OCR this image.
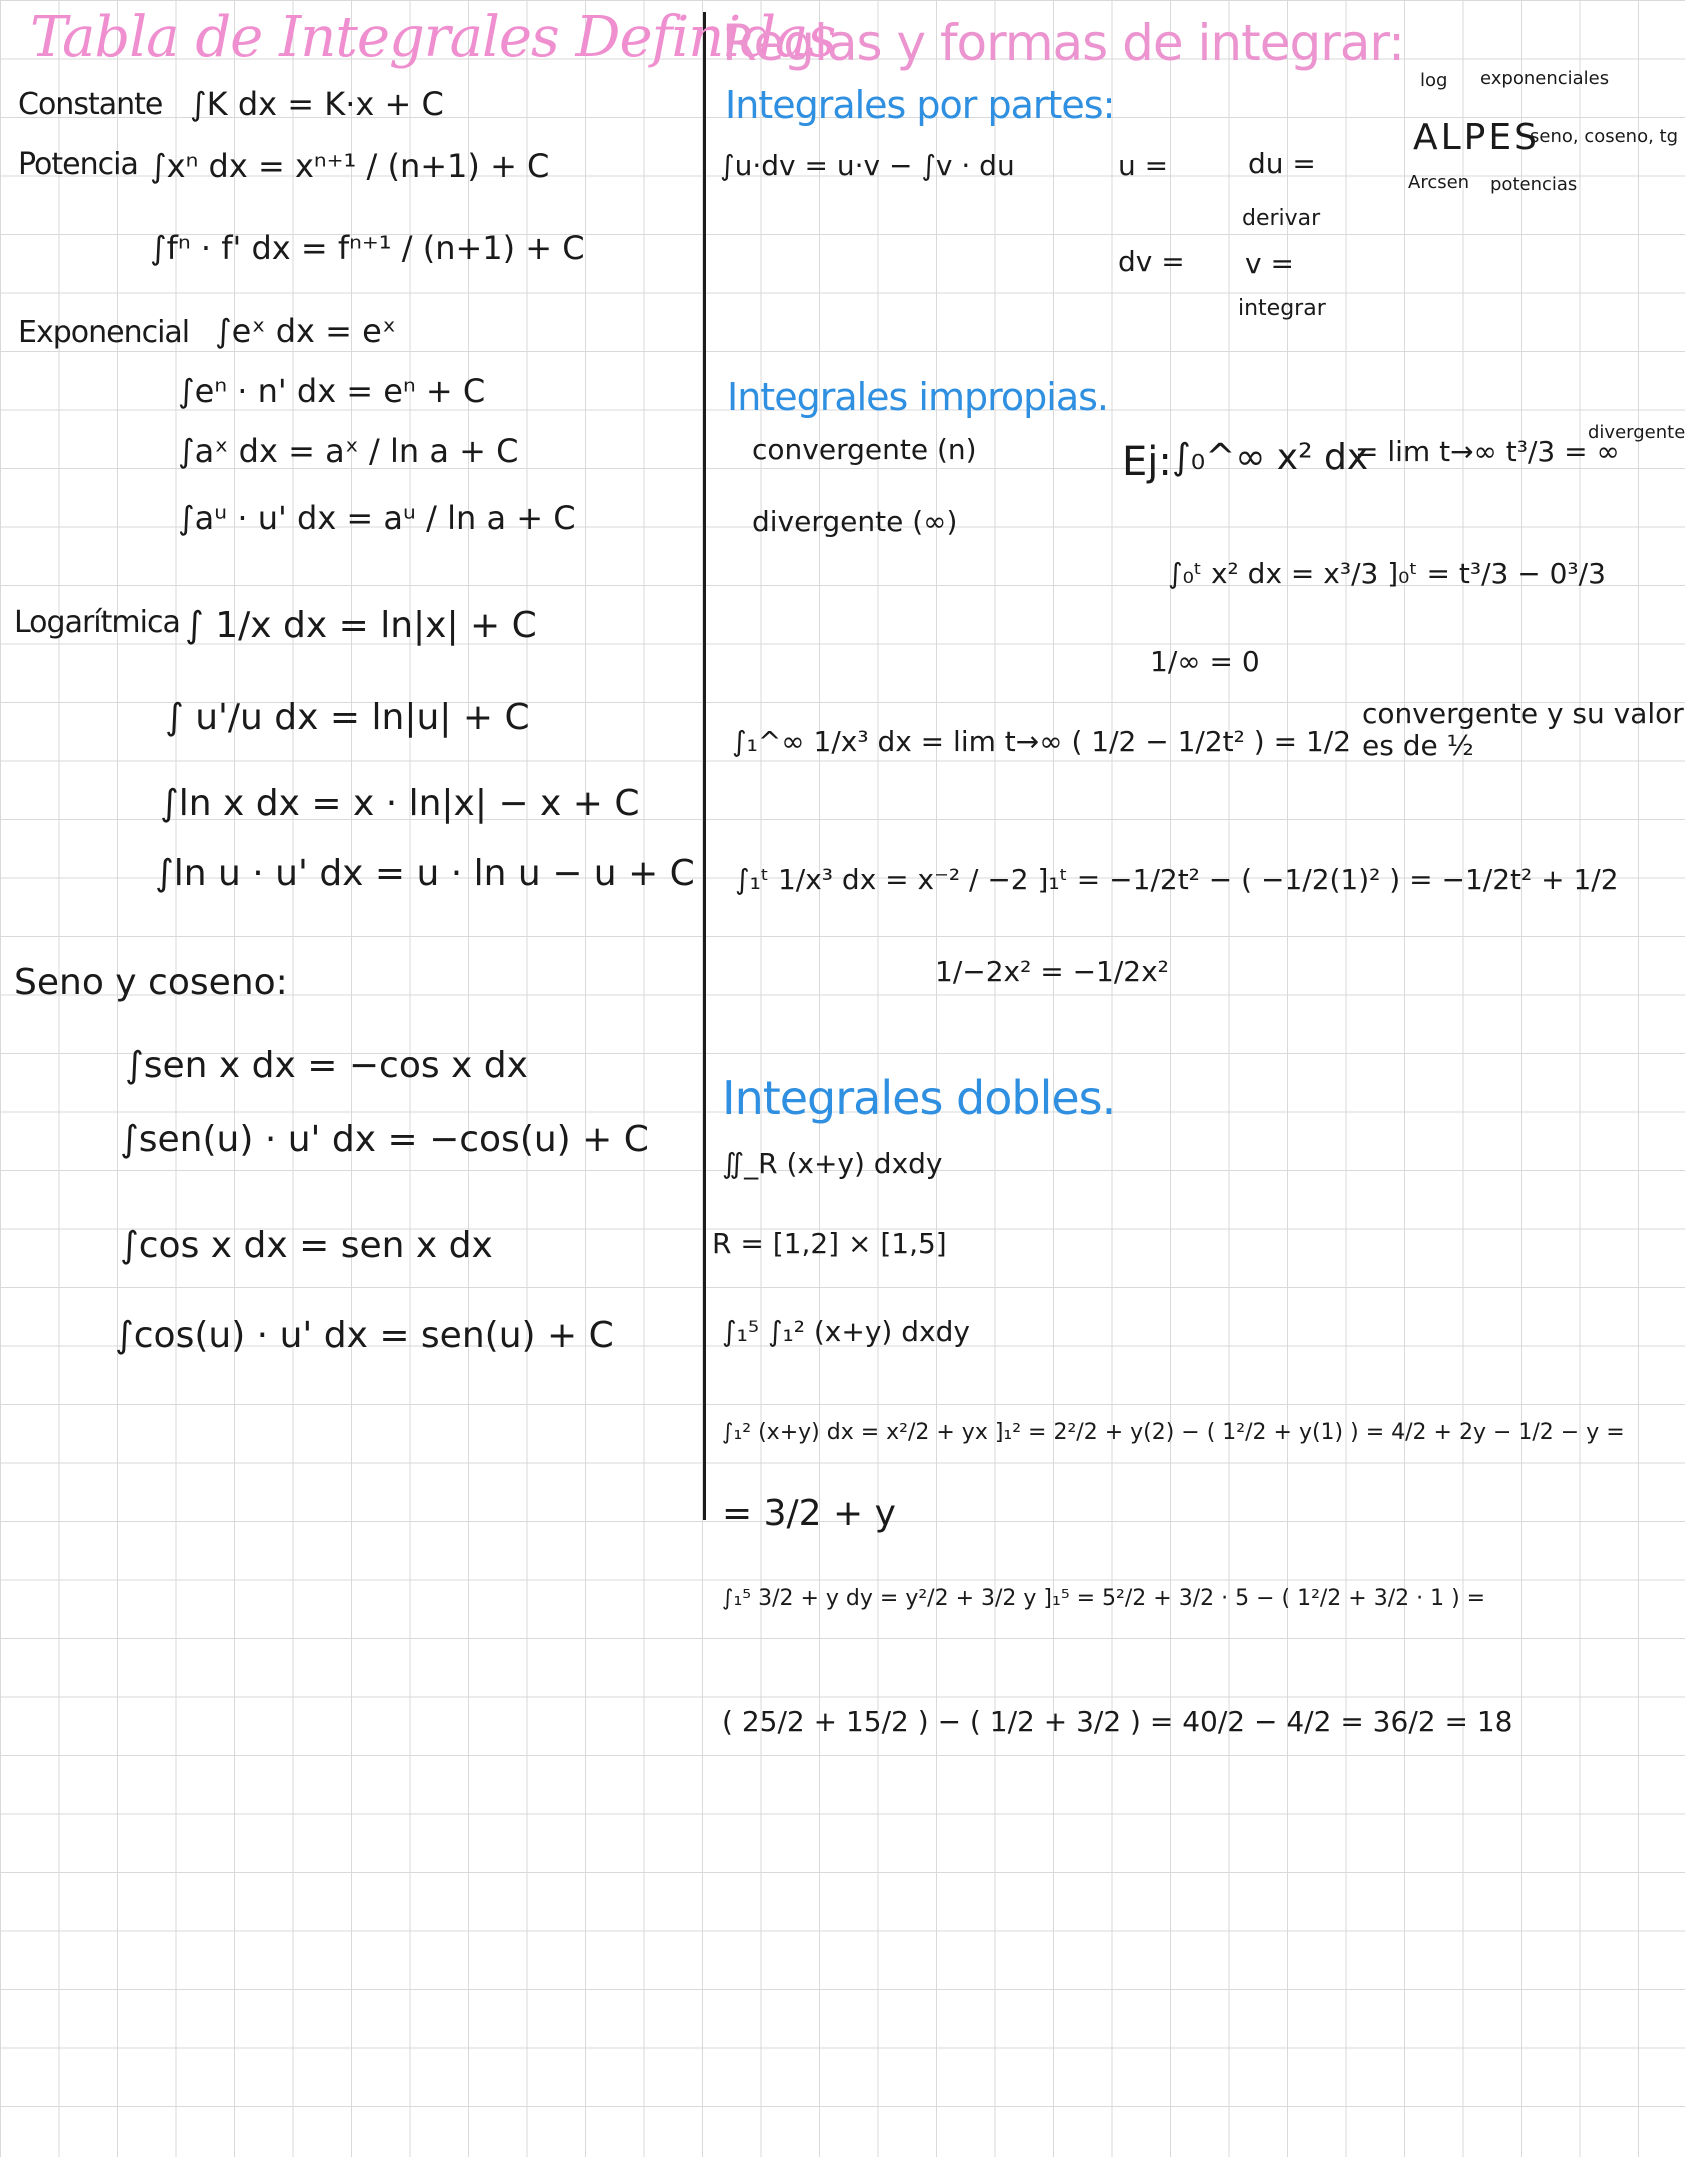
Tabla de Integrales Definidas
Constante ∫K dx = K·x + C
Potencia ∫xⁿ dx = xⁿ⁺¹ / (n+1) + C
∫fⁿ · f' dx = fⁿ⁺¹ / (n+1) + C
Exponencial ∫eˣ dx = eˣ
∫eⁿ · n' dx = eⁿ + C
∫aˣ dx = aˣ / ln a + C
∫aᵘ · u' dx = aᵘ / ln a + C
Logarítmica ∫ 1/x dx = ln|x| + C
∫ u'/u dx = ln|u| + C
∫ln x dx = x · ln|x| − x + C
∫ln u · u' dx = u · ln u − u + C
Seno y coseno:
∫sen x dx = −cos x dx
∫sen(u) · u' dx = −cos(u) + C
∫cos x dx = sen x dx
∫cos(u) · u' dx = sen(u) + C
Reglas y formas de integrar:
Integrales por partes:
∫u·dv = u·v − ∫v · du	u =	du =
derivar
dv = v =
integrar
log exponenciales
ALPES
seno, coseno, tg
Arcsen potencias
Integrales impropias.
convergente (n)
divergente (∞)
Ej: ∫₀^∞ x² dx
= lim t→∞ t³/3 = ∞
divergente
∫₀ᵗ x² dx = x³/3 ]₀ᵗ = t³/3 − 0³/3
1/∞ = 0
∫₁^∞ 1/x³ dx = lim t→∞ ( 1/2 − 1/2t² ) = 1/2
convergente y su valor
es de ½
∫₁ᵗ 1/x³ dx = x⁻² / −2 ]₁ᵗ = −1/2t² − ( −1/2(1)² ) = −1/2t² + 1/2
1/−2x² = −1/2x²
Integrales dobles.
∬_R (x+y) dxdy
R = [1,2] × [1,5]
∫₁⁵ ∫₁² (x+y) dxdy
∫₁² (x+y) dx = x²/2 + yx ]₁² = 2²/2 + y(2) − ( 1²/2 + y(1) ) = 4/2 + 2y − 1/2 − y =
= 3/2 + y
∫₁⁵ 3/2 + y dy = y²/2 + 3/2 y ]₁⁵ = 5²/2 + 3/2 · 5 − ( 1²/2 + 3/2 · 1 ) =
( 25/2 + 15/2 ) − ( 1/2 + 3/2 ) = 40/2 − 4/2 = 36/2 = 18
